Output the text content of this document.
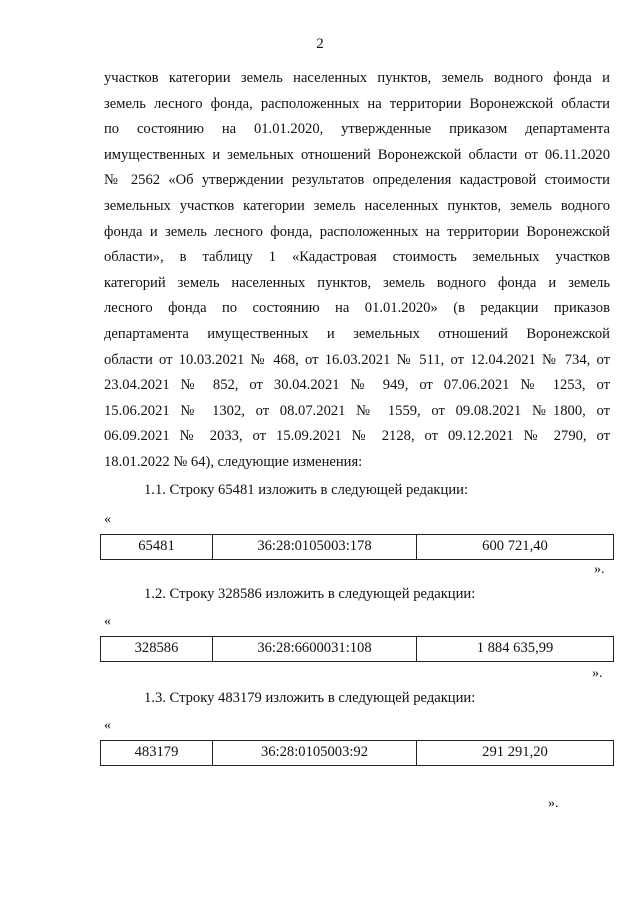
2
участков категории земель населенных пунктов, земель водного фонда и
земель лесного фонда, расположенных на территории Воронежской области
по состоянию на 01.01.2020, утвержденные приказом департамента
имущественных и земельных отношений Воронежской области от 06.11.2020
№ 2562 «Об утверждении результатов определения кадастровой стоимости
земельных участков категории земель населенных пунктов, земель водного
фонда и земель лесного фонда, расположенных на территории Воронежской
области», в таблицу 1 «Кадастровая стоимость земельных участков
категорий земель населенных пунктов, земель водного фонда и земель
лесного фонда по состоянию на 01.01.2020» (в редакции приказов
департамента имущественных и земельных отношений Воронежской
области от 10.03.2021 № 468, от 16.03.2021 № 511, от 12.04.2021 № 734, от
23.04.2021 № 852, от 30.04.2021 № 949, от 07.06.2021 № 1253, от
15.06.2021 № 1302, от 08.07.2021 № 1559, от 09.08.2021 №1800, от
06.09.2021 № 2033, от 15.09.2021 № 2128, от 09.12.2021 № 2790, от
18.01.2022 № 64), следующие изменения:
1.1. Строку 65481 изложить в следующей редакции:
«
65481	36:28:0105003:178	600 721,40
».
1.2. Строку 328586 изложить в следующей редакции:
«
328586	36:28:6600031:108	1 884 635,99
».
1.3. Строку 483179 изложить в следующей редакции:
«
483179	36:28:0105003:92	291 291,20
».
